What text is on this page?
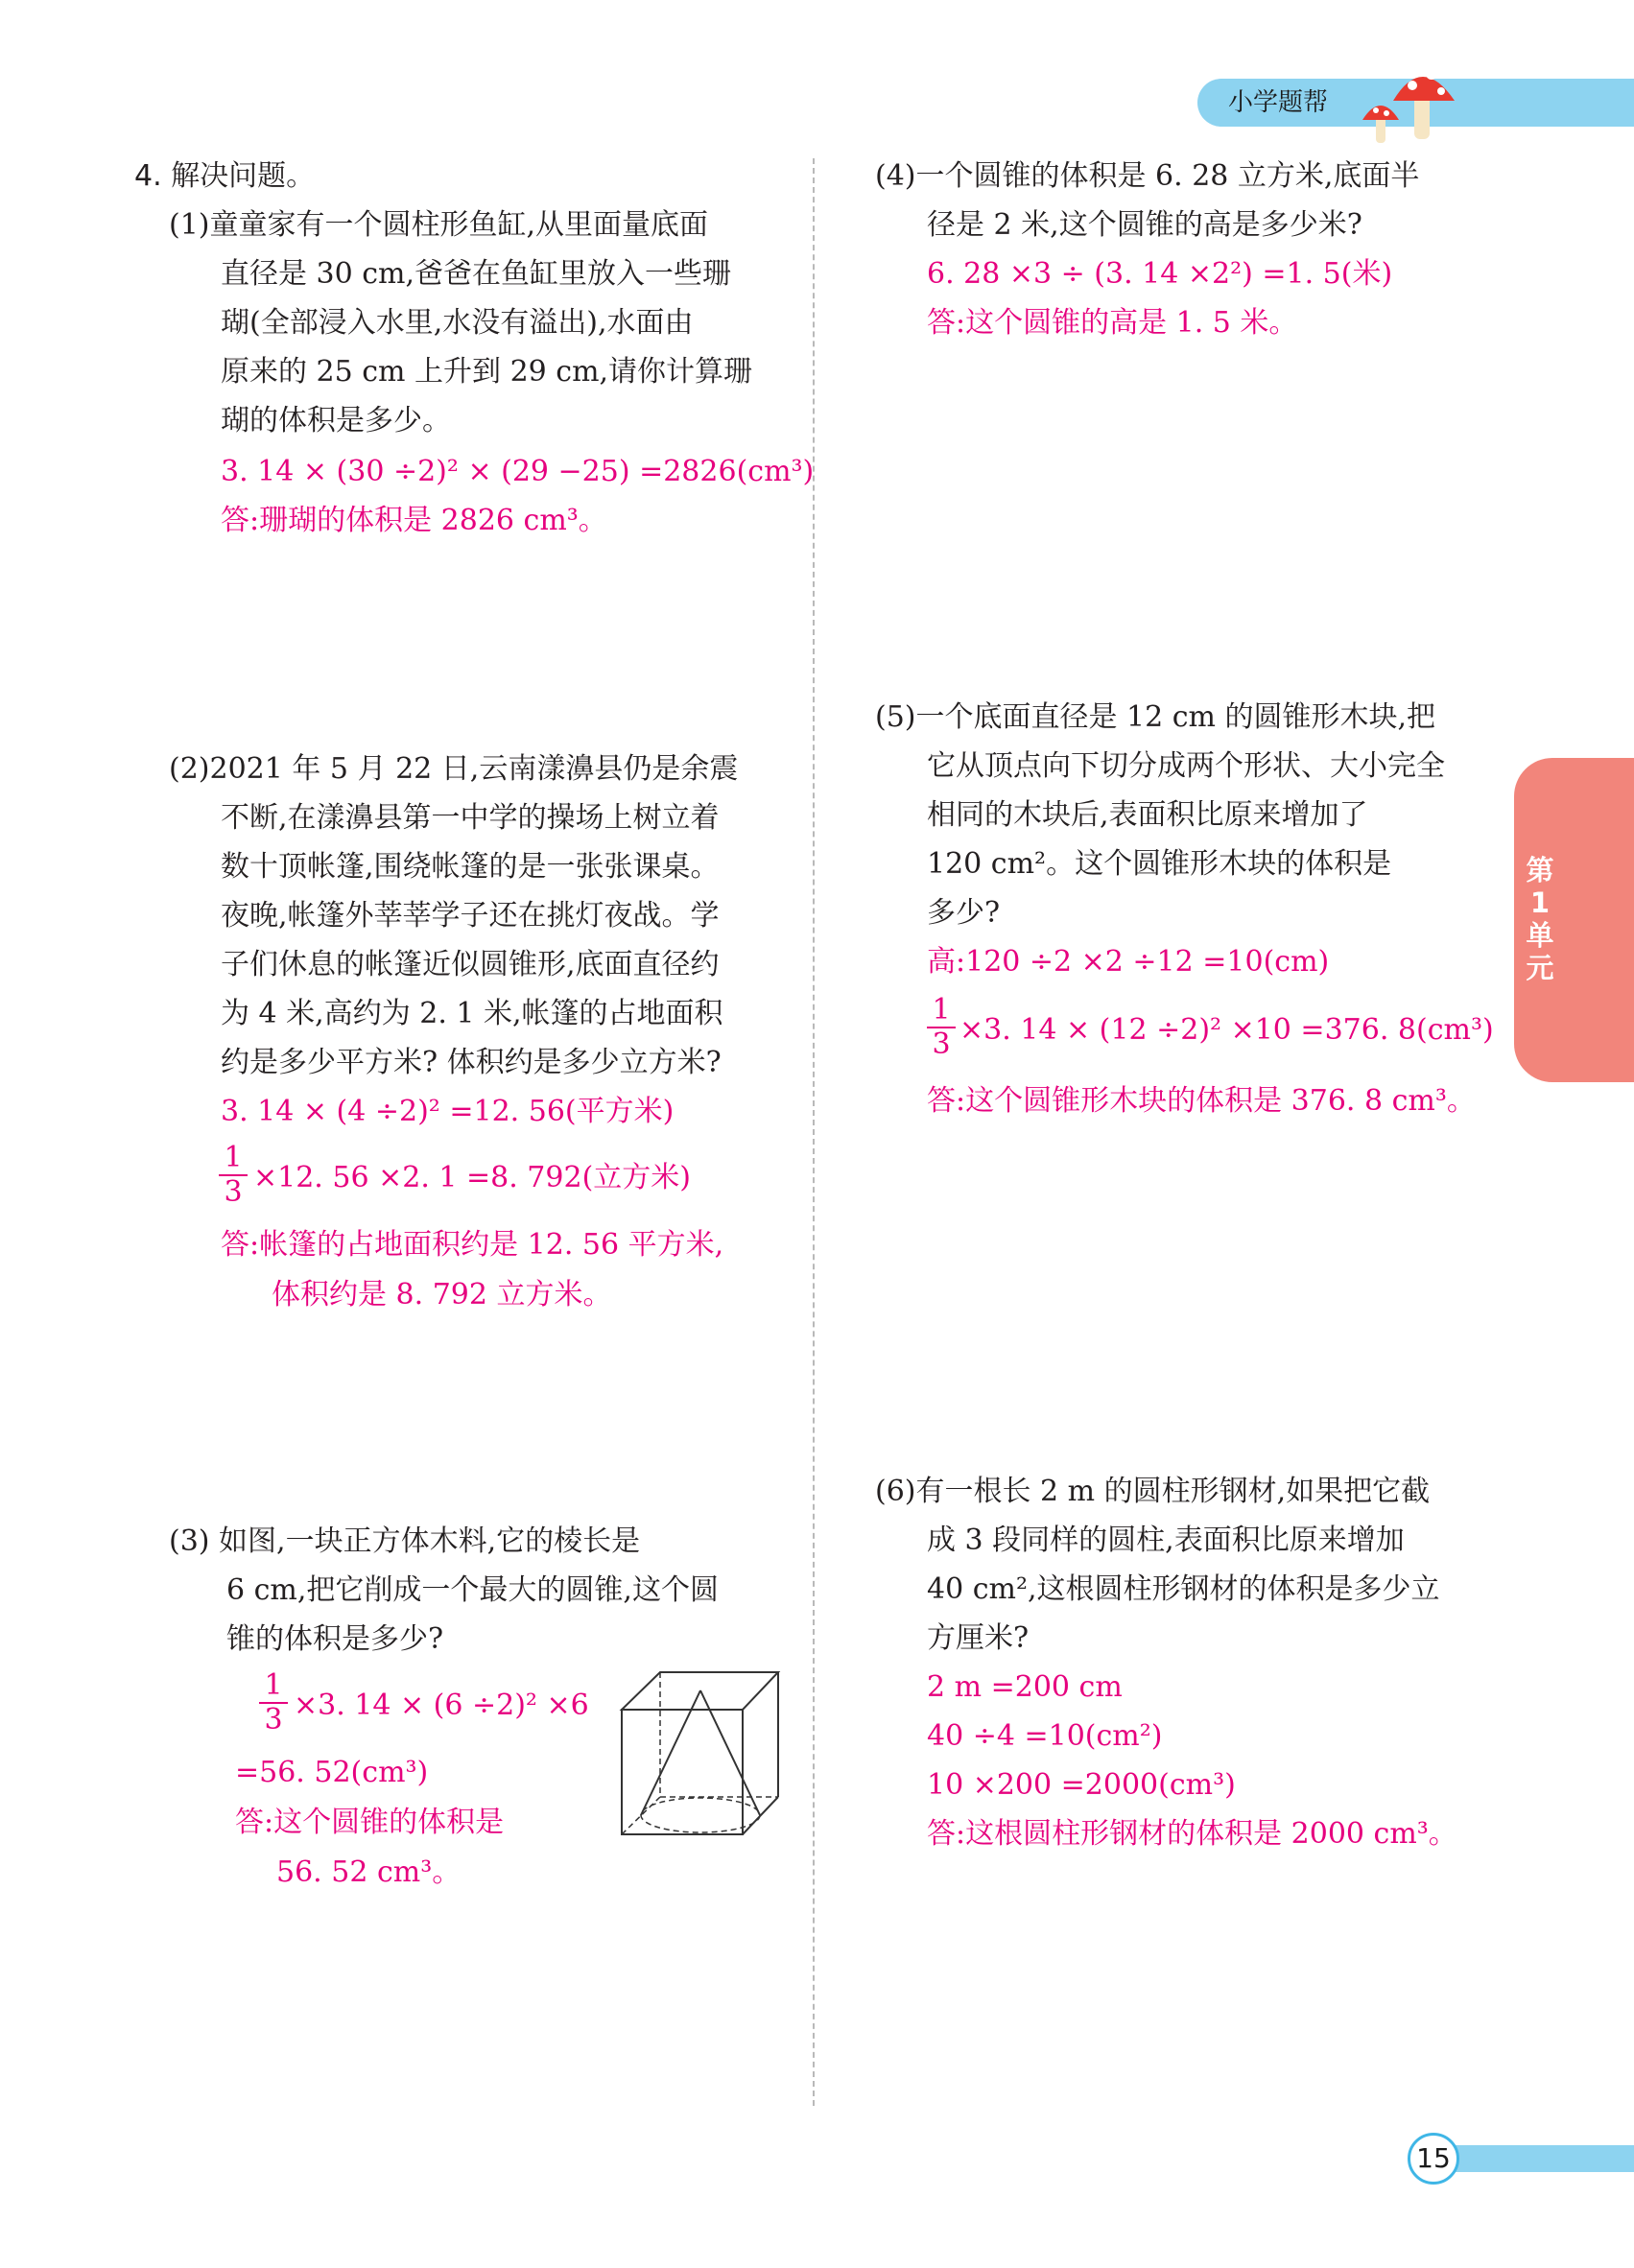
小学题帮
第1单元
4. 解决问题。
(1)童童家有一个圆柱形鱼缸,从里面量底面
直径是 30 cm,爸爸在鱼缸里放入一些珊
瑚(全部浸入水里,水没有溢出),水面由
原来的 25 cm 上升到 29 cm,请你计算珊
瑚的体积是多少。
3. 14 × (30 ÷2)² × (29 −25) =2826(cm³)
答:珊瑚的体积是 2826 cm³。
(2)2021 年 5 月 22 日,云南漾濞县仍是余震
不断,在漾濞县第一中学的操场上树立着
数十顶帐篷,围绕帐篷的是一张张课桌。
夜晚,帐篷外莘莘学子还在挑灯夜战。学
子们休息的帐篷近似圆锥形,底面直径约
为 4 米,高约为 2. 1 米,帐篷的占地面积
约是多少平方米? 体积约是多少立方米?
3. 14 × (4 ÷2)² =12. 56(平方米)
$\frac{1}{3} \times 12$. 56 ×2. 1 =8. 792(立方米)
答:帐篷的占地面积约是 12. 56 平方米,
体积约是 8. 792 立方米。
(3) 如图,一块正方体木料,它的棱长是
6 cm,把它削成一个最大的圆锥,这个圆
锥的体积是多少?
$\frac{1}{3} \times 3$. 14 × (6 ÷2)² ×6
=56. 52(cm³)
答:这个圆锥的体积是
56. 52 cm³。
(4)一个圆锥的体积是 6. 28 立方米,底面半
径是 2 米,这个圆锥的高是多少米?
6. 28 ×3 ÷ (3. 14 ×2²) =1. 5(米)
答:这个圆锥的高是 1. 5 米。
(5)一个底面直径是 12 cm 的圆锥形木块,把
它从顶点向下切分成两个形状、大小完全
相同的木块后,表面积比原来增加了
120 cm²。这个圆锥形木块的体积是
多少?
高:120 ÷2 ×2 ÷12 =10(cm)
$\frac{1}{3} \times 3$. 14 × (12 ÷2)² ×10 =376. 8(cm³)
答:这个圆锥形木块的体积是 376. 8 cm³。
(6)有一根长 2 m 的圆柱形钢材,如果把它截
成 3 段同样的圆柱,表面积比原来增加
40 cm²,这根圆柱形钢材的体积是多少立
方厘米?
2 m =200 cm
40 ÷4 =10(cm²)
10 ×200 =2000(cm³)
答:这根圆柱形钢材的体积是 2000 cm³。
15
